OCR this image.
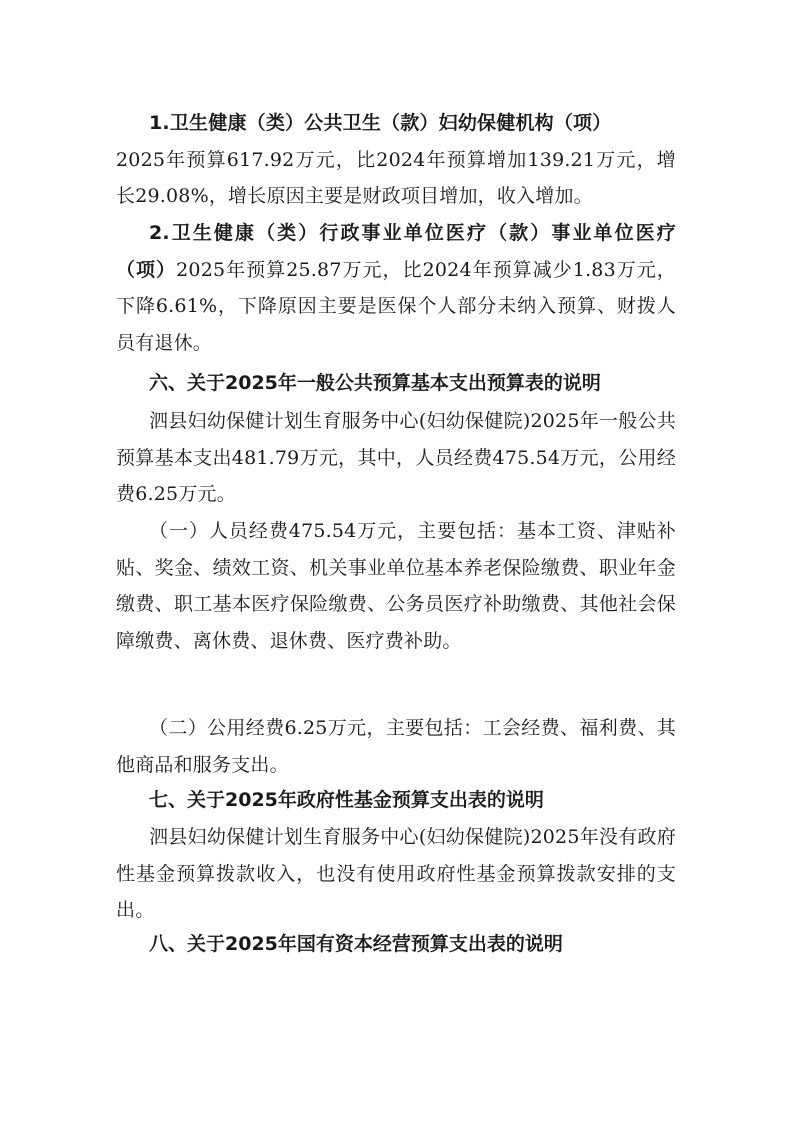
1.卫生健康（类）公共卫生（款）妇幼保健机构（项）
2025年预算617.92万元，比2024年预算增加139.21万元，增长29.08%，增长原因主要是财政项目增加，收入增加。
2.卫生健康（类）行政事业单位医疗（款）事业单位医疗（项）2025年预算25.87万元，比2024年预算减少1.83万元，下降6.61%，下降原因主要是医保个人部分未纳入预算、财拨人员有退休。
六、关于2025年一般公共预算基本支出预算表的说明
泗县妇幼保健计划生育服务中心(妇幼保健院)2025年一般公共预算基本支出481.79万元，其中，人员经费475.54万元，公用经费6.25万元。
（一）人员经费475.54万元，主要包括：基本工资、津贴补贴、奖金、绩效工资、机关事业单位基本养老保险缴费、职业年金缴费、职工基本医疗保险缴费、公务员医疗补助缴费、其他社会保障缴费、离休费、退休费、医疗费补助。
（二）公用经费6.25万元，主要包括：工会经费、福利费、其他商品和服务支出。
七、关于2025年政府性基金预算支出表的说明
泗县妇幼保健计划生育服务中心(妇幼保健院)2025年没有政府性基金预算拨款收入，也没有使用政府性基金预算拨款安排的支出。
八、关于2025年国有资本经营预算支出表的说明
